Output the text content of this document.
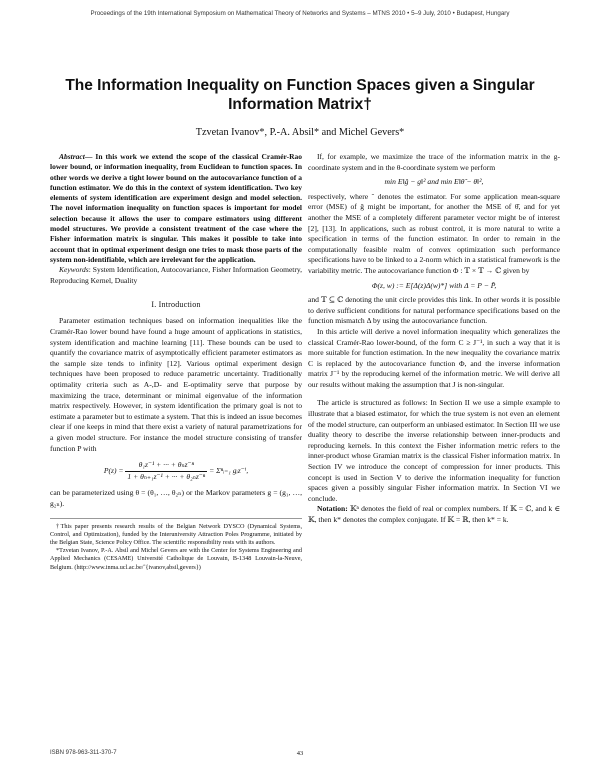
Proceedings of the 19th International Symposium on Mathematical Theory of Networks and Systems – MTNS 2010 • 5–9 July, 2010 • Budapest, Hungary
The Information Inequality on Function Spaces given a Singular Information Matrix†
Tzvetan Ivanov*, P.-A. Absil* and Michel Gevers*

Abstract— In this work we extend the scope of the classical Cramér-Rao lower bound, or information inequality, from Euclidean to function spaces. In other words we derive a tight lower bound on the autocovariance function of a function estimator. We do this in the context of system identification. Two key elements of system identification are experiment design and model selection. The novel information inequality on function spaces is important for model selection because it allows the user to compare estimators using different model structures. We provide a consistent treatment of the case where the Fisher information matrix is singular. This makes it possible to take into account that in optimal experiment design one tries to mask those parts of the system non-identifiable, which are irrelevant for the application.

Keywords: System Identification, Autocovariance, Fisher Information Geometry, Reproducing Kernel, Duality

I. Introduction

Parameter estimation techniques based on information inequalities like the Cramér-Rao lower bound have found a huge amount of applications in statistics, system identification and machine learning [11]. These bounds can be used to quantify the covariance matrix of asymptotically efficient parameter estimators as the sample size tends to infinity [12]. Various optimal experiment design techniques have been proposed to reduce parametric uncertainty. Traditionally optimality criteria such as A-,D- and E-optimality serve that purpose by maximizing the trace, determinant or minimal eigenvalue of the information matrix respectively. However, in system identification the primary goal is not to estimate a parameter but to estimate a system. That this is indeed an issue becomes clear if one keeps in mind that there exist a variety of natural parametrizations for a given model structure. For instance the model structure consisting of transfer function P with

$P(z) = \frac{\text{θ₁z⁻¹ + ··· + θₙz⁻ⁿ}}{\text{1 + θₙ₊₁z⁻¹ + ··· + θ₂ₙz⁻ⁿ}}$ = Σⁿᵢ₌₁ gᵢz⁻ⁱ,

can be parameterized using θ = (θ₁, …, θ₂ₙ) or the Markov parameters g = (g₁, …, g₂ₙ).

†This paper presents research results of the Belgian Network DYSCO (Dynamical Systems, Control, and Optimization), funded by the Interuniversity Attraction Poles Programme, initiated by the Belgian State, Science Policy Office. The scientific responsibility rests with its authors.

*Tzvetan Ivanov, P.-A. Absil and Michel Gevers are with the Center for Systems Engineering and Applied Mechanics (CESAME) Université Catholique de Louvain, B-1348 Louvain-la-Neuve, Belgium. (http://www.inma.ucl.ac.be/˜{ivanov,absil,gevers})

If, for example, we maximize the trace of the information matrix in the g-coordinate system and in the θ-coordinate system we perform

min E‖ĝ − g‖² and min E‖θ̂ − θ‖²,

respectively, where ˆ denotes the estimator. For some application mean-square error (MSE) of ĝ might be important, for another the MSE of θ̂, and for yet another the MSE of a completely different parameter vector might be of interest [2], [13]. In applications, such as robust control, it is more natural to write a specification in terms of the function estimator. In order to remain in the computationally feasible realm of convex optimization such performance specifications have to be linked to a 2-norm which in a statistical framework is the variability metric. The autocovariance function Φ : 𝕋 × 𝕋 → ℂ given by

Φ(z, w) := E[Δ(z)Δ(w)*] with Δ = P − P̂,

and 𝕋 ⊆ ℂ denoting the unit circle provides this link. In other words it is possible to derive sufficient conditions for natural performance specifications based on the function mismatch Δ by using the autocovariance function.

In this article will derive a novel information inequality which generalizes the classical Cramér-Rao lower-bound, of the form C ≥ J⁻¹, in such a way that it is more suitable for function estimation. In the new inequality the covariance matrix C is replaced by the autocovariance function Φ, and the inverse information matrix J⁻¹ by the reproducing kernel of the information metric. We will derive all our results without making the assumption that J is non-singular.

The article is structured as follows: In Section II we use a simple example to illustrate that a biased estimator, for which the true system is not even an element of the model structure, can outperform an unbiased estimator. In Section III we use duality theory to describe the inverse relationship between inner-products and reproducing kernels. In this context the Fisher information metric refers to the inner-product whose Gramian matrix is the classical Fisher information matrix. In Section IV we introduce the concept of compression for inner products. This concept is used in Section V to derive the information inequality for function spaces given a possibly singular Fisher information matrix. In Section VI we conclude.

Notation: 𝕂ⁿ denotes the field of real or complex numbers. If 𝕂 = ℂ, and k ∈ 𝕂, then k* denotes the complex conjugate. If 𝕂 = ℝ, then k* = k.

ISBN 978-963-311-370-7	43
